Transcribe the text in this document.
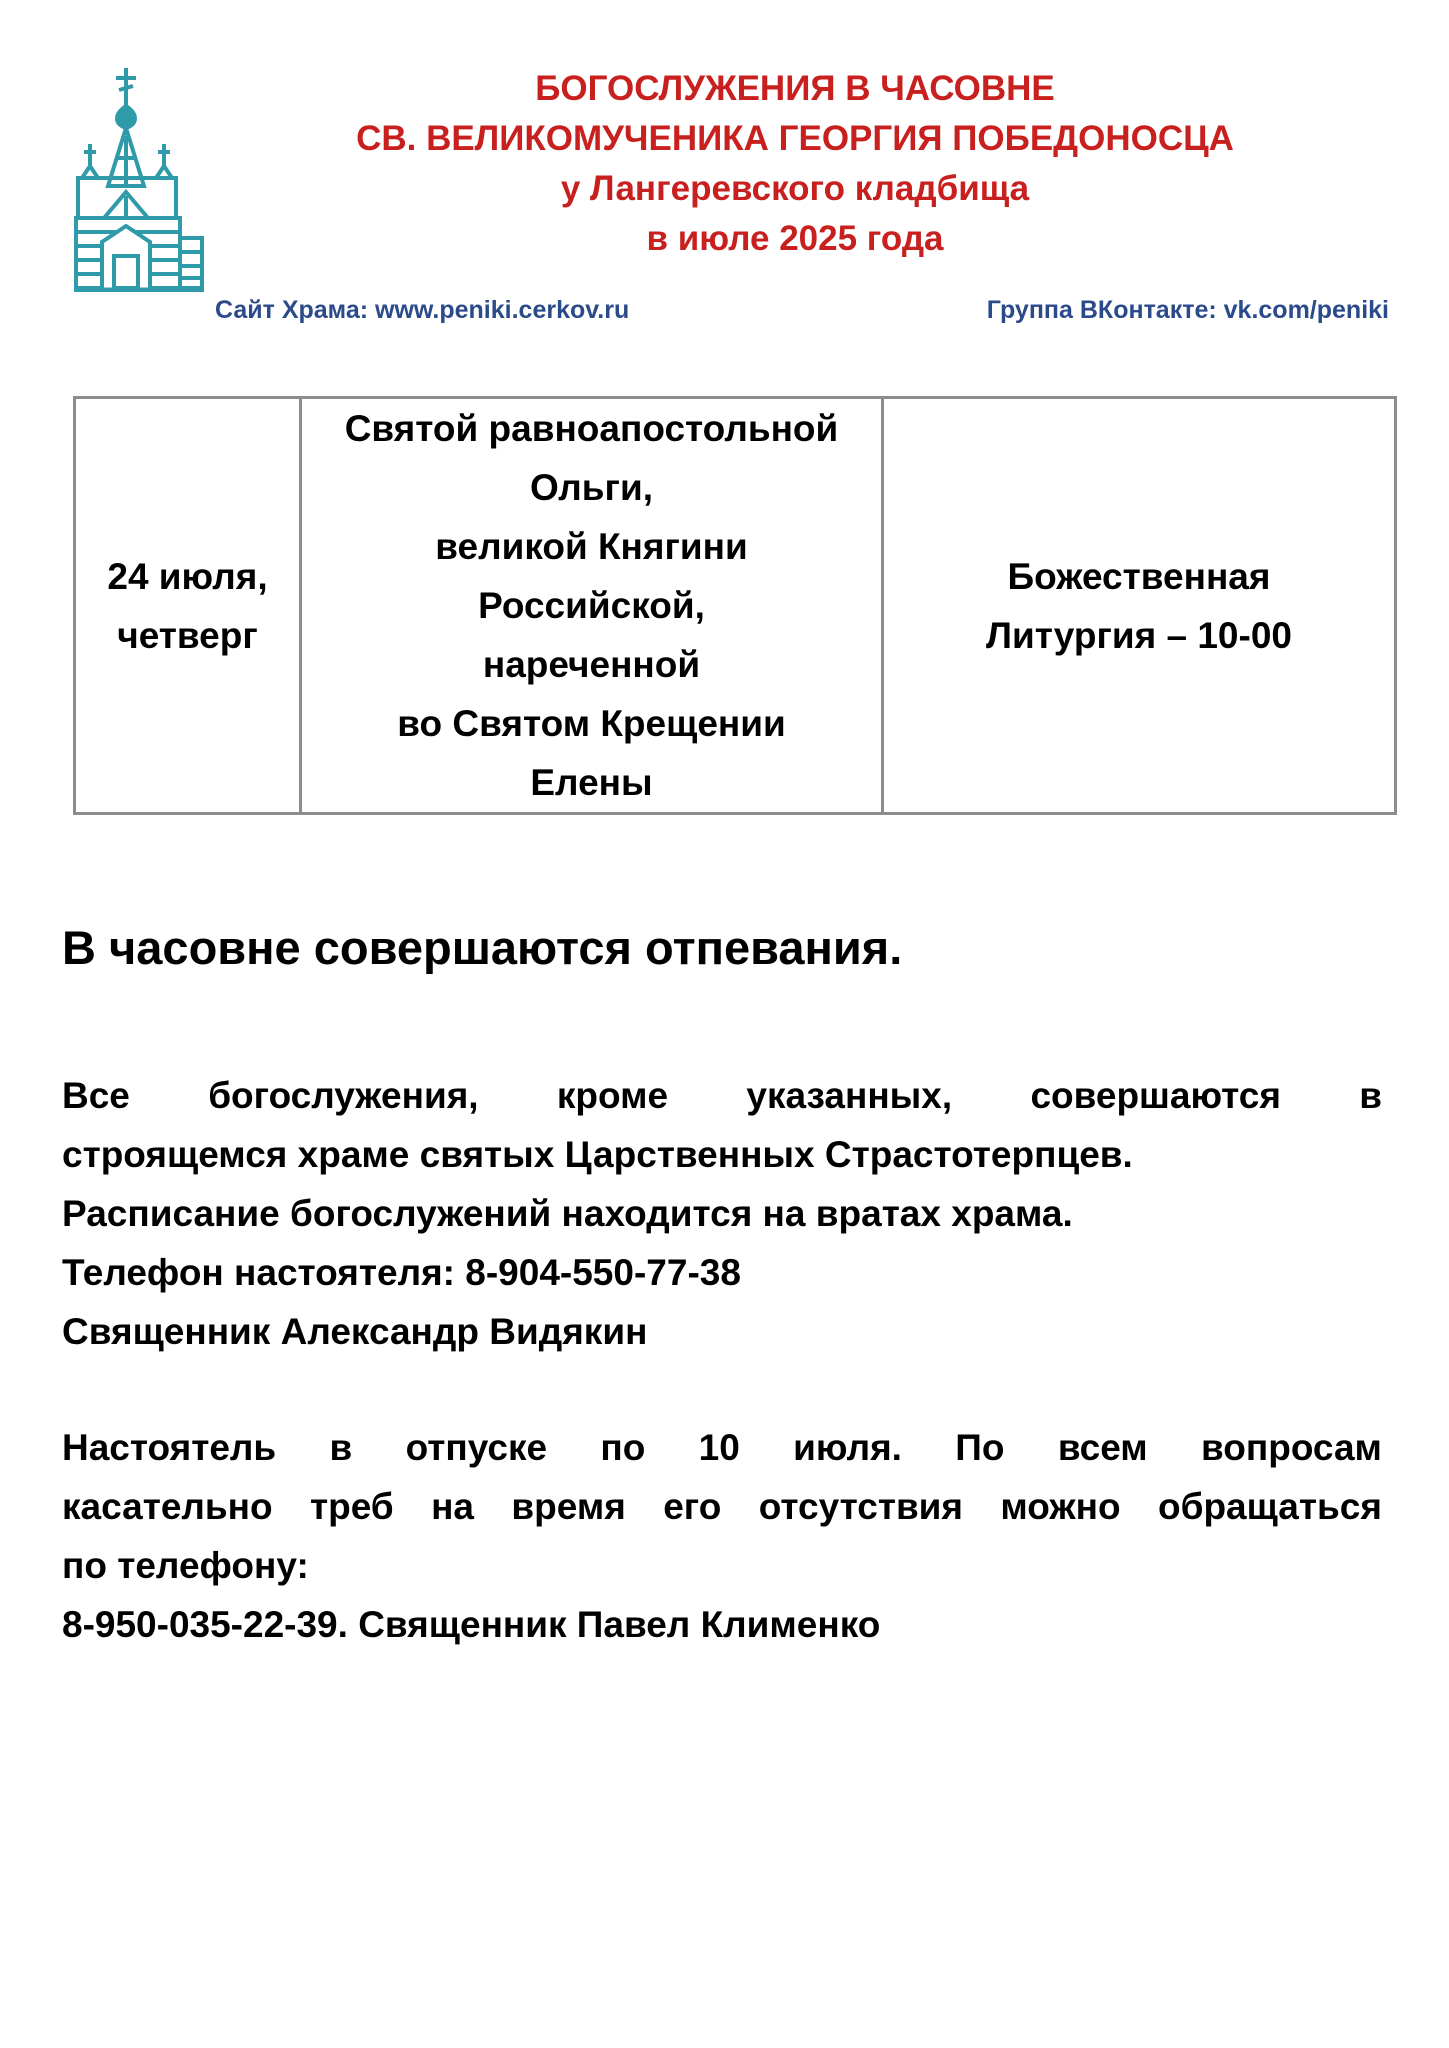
БОГОСЛУЖЕНИЯ В ЧАСОВНЕ
СВ. ВЕЛИКОМУЧЕНИКА ГЕОРГИЯ ПОБЕДОНОСЦА
у Лангеревского кладбища
в июле 2025 года
Сайт Храма: www.peniki.cerkov.ru	Группа ВКонтакте: vk.com/peniki
24 июля,
четверг

Святой равноапостольной
Ольги,
великой Княгини
Российской,
нареченной
во Святом Крещении
Елены

Божественная
Литургия – 10-00
В часовне совершаются отпевания.
Все богослужения, кроме указанных, совершаются в
строящемся храме святых Царственных Страстотерпцев.
Расписание богослужений находится на вратах храма.
Телефон настоятеля: 8-904-550-77-38
Священник Александр Видякин
Настоятель в отпуске по 10 июля. По всем вопросам
касательно треб на время его отсутствия можно обращаться
по телефону:
8-950-035-22-39. Священник Павел Клименко
